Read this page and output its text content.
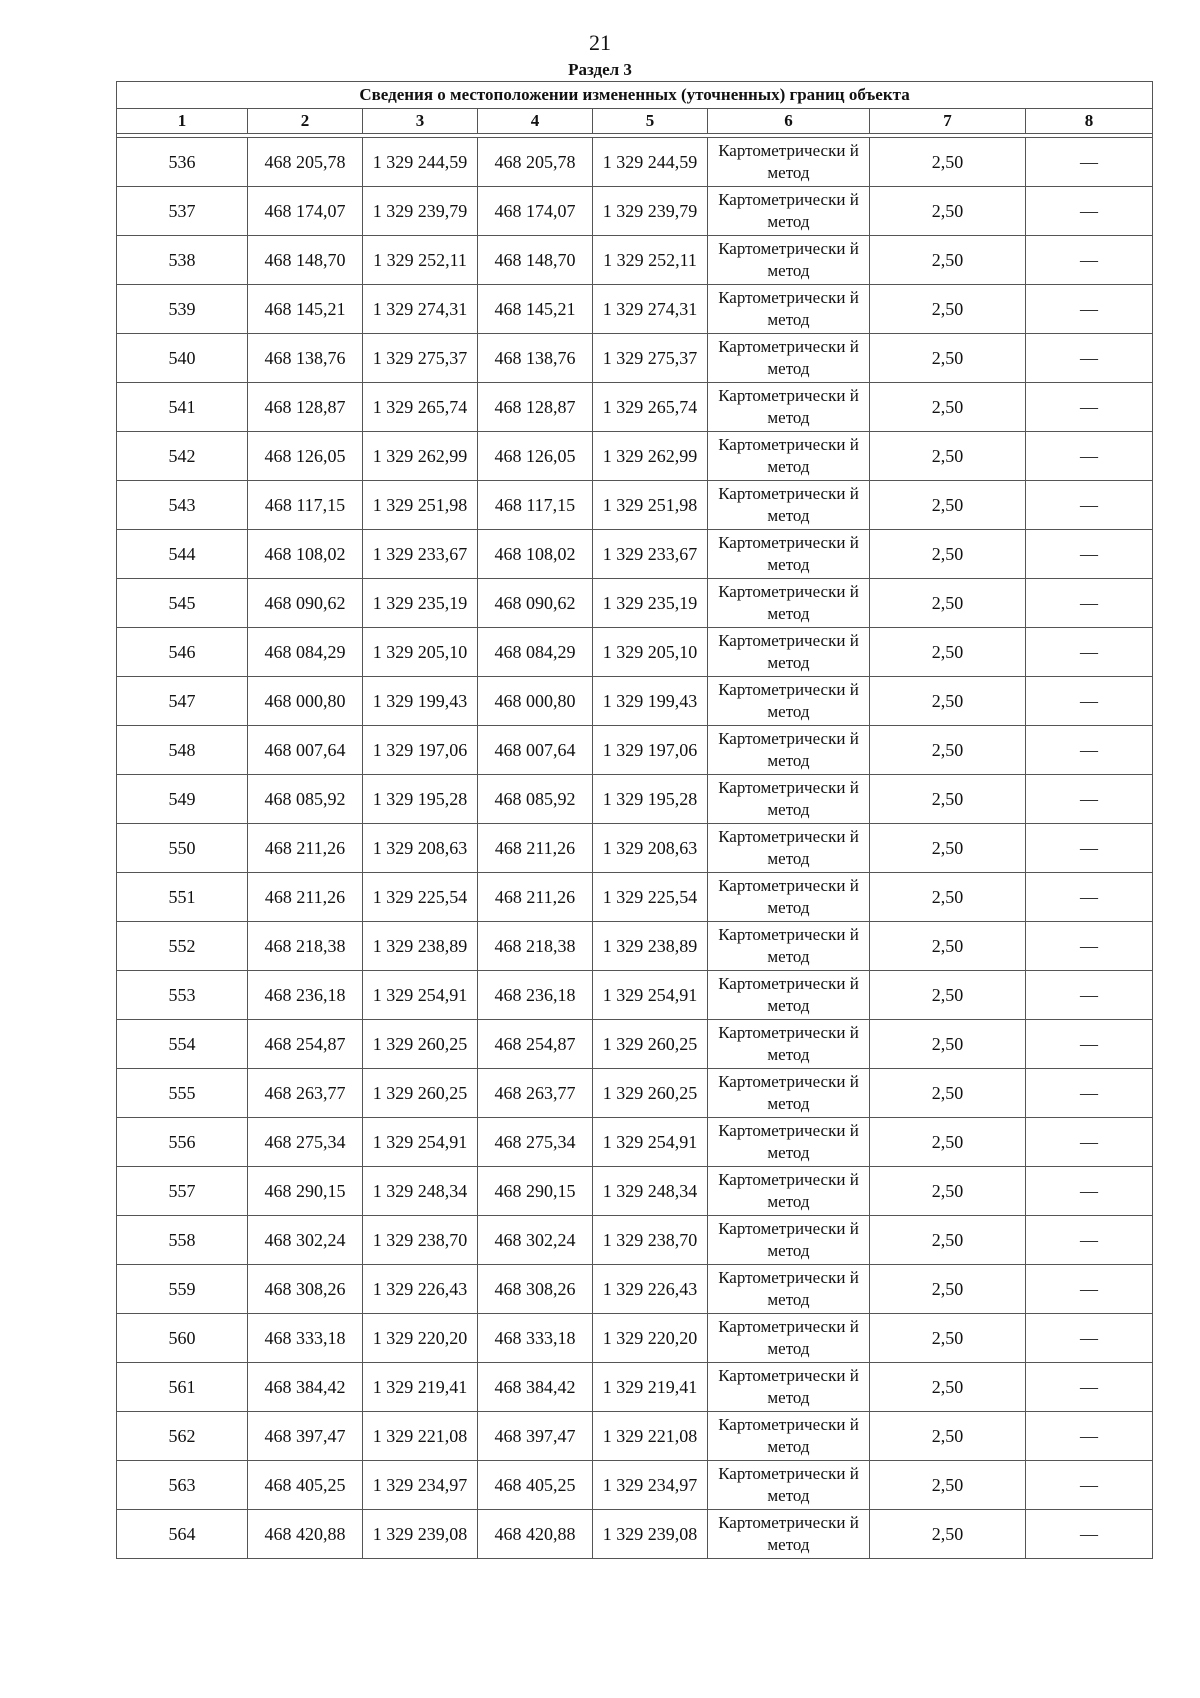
21
Раздел 3
Сведения о местоположении измененных (уточненных) границ объекта							
1	2	3	4	5	6	7	8

536	468 205,78	1 329 244,59	468 205,78	1 329 244,59	Картометрически й метод	2,50	—
537	468 174,07	1 329 239,79	468 174,07	1 329 239,79	Картометрически й метод	2,50	—
538	468 148,70	1 329 252,11	468 148,70	1 329 252,11	Картометрически й метод	2,50	—
539	468 145,21	1 329 274,31	468 145,21	1 329 274,31	Картометрически й метод	2,50	—
540	468 138,76	1 329 275,37	468 138,76	1 329 275,37	Картометрически й метод	2,50	—
541	468 128,87	1 329 265,74	468 128,87	1 329 265,74	Картометрически й метод	2,50	—
542	468 126,05	1 329 262,99	468 126,05	1 329 262,99	Картометрически й метод	2,50	—
543	468 117,15	1 329 251,98	468 117,15	1 329 251,98	Картометрически й метод	2,50	—
544	468 108,02	1 329 233,67	468 108,02	1 329 233,67	Картометрически й метод	2,50	—
545	468 090,62	1 329 235,19	468 090,62	1 329 235,19	Картометрически й метод	2,50	—
546	468 084,29	1 329 205,10	468 084,29	1 329 205,10	Картометрически й метод	2,50	—
547	468 000,80	1 329 199,43	468 000,80	1 329 199,43	Картометрически й метод	2,50	—
548	468 007,64	1 329 197,06	468 007,64	1 329 197,06	Картометрически й метод	2,50	—
549	468 085,92	1 329 195,28	468 085,92	1 329 195,28	Картометрически й метод	2,50	—
550	468 211,26	1 329 208,63	468 211,26	1 329 208,63	Картометрически й метод	2,50	—
551	468 211,26	1 329 225,54	468 211,26	1 329 225,54	Картометрически й метод	2,50	—
552	468 218,38	1 329 238,89	468 218,38	1 329 238,89	Картометрически й метод	2,50	—
553	468 236,18	1 329 254,91	468 236,18	1 329 254,91	Картометрически й метод	2,50	—
554	468 254,87	1 329 260,25	468 254,87	1 329 260,25	Картометрически й метод	2,50	—
555	468 263,77	1 329 260,25	468 263,77	1 329 260,25	Картометрически й метод	2,50	—
556	468 275,34	1 329 254,91	468 275,34	1 329 254,91	Картометрически й метод	2,50	—
557	468 290,15	1 329 248,34	468 290,15	1 329 248,34	Картометрически й метод	2,50	—
558	468 302,24	1 329 238,70	468 302,24	1 329 238,70	Картометрически й метод	2,50	—
559	468 308,26	1 329 226,43	468 308,26	1 329 226,43	Картометрически й метод	2,50	—
560	468 333,18	1 329 220,20	468 333,18	1 329 220,20	Картометрически й метод	2,50	—
561	468 384,42	1 329 219,41	468 384,42	1 329 219,41	Картометрически й метод	2,50	—
562	468 397,47	1 329 221,08	468 397,47	1 329 221,08	Картометрически й метод	2,50	—
563	468 405,25	1 329 234,97	468 405,25	1 329 234,97	Картометрически й метод	2,50	—
564	468 420,88	1 329 239,08	468 420,88	1 329 239,08	Картометрически й метод	2,50	—
